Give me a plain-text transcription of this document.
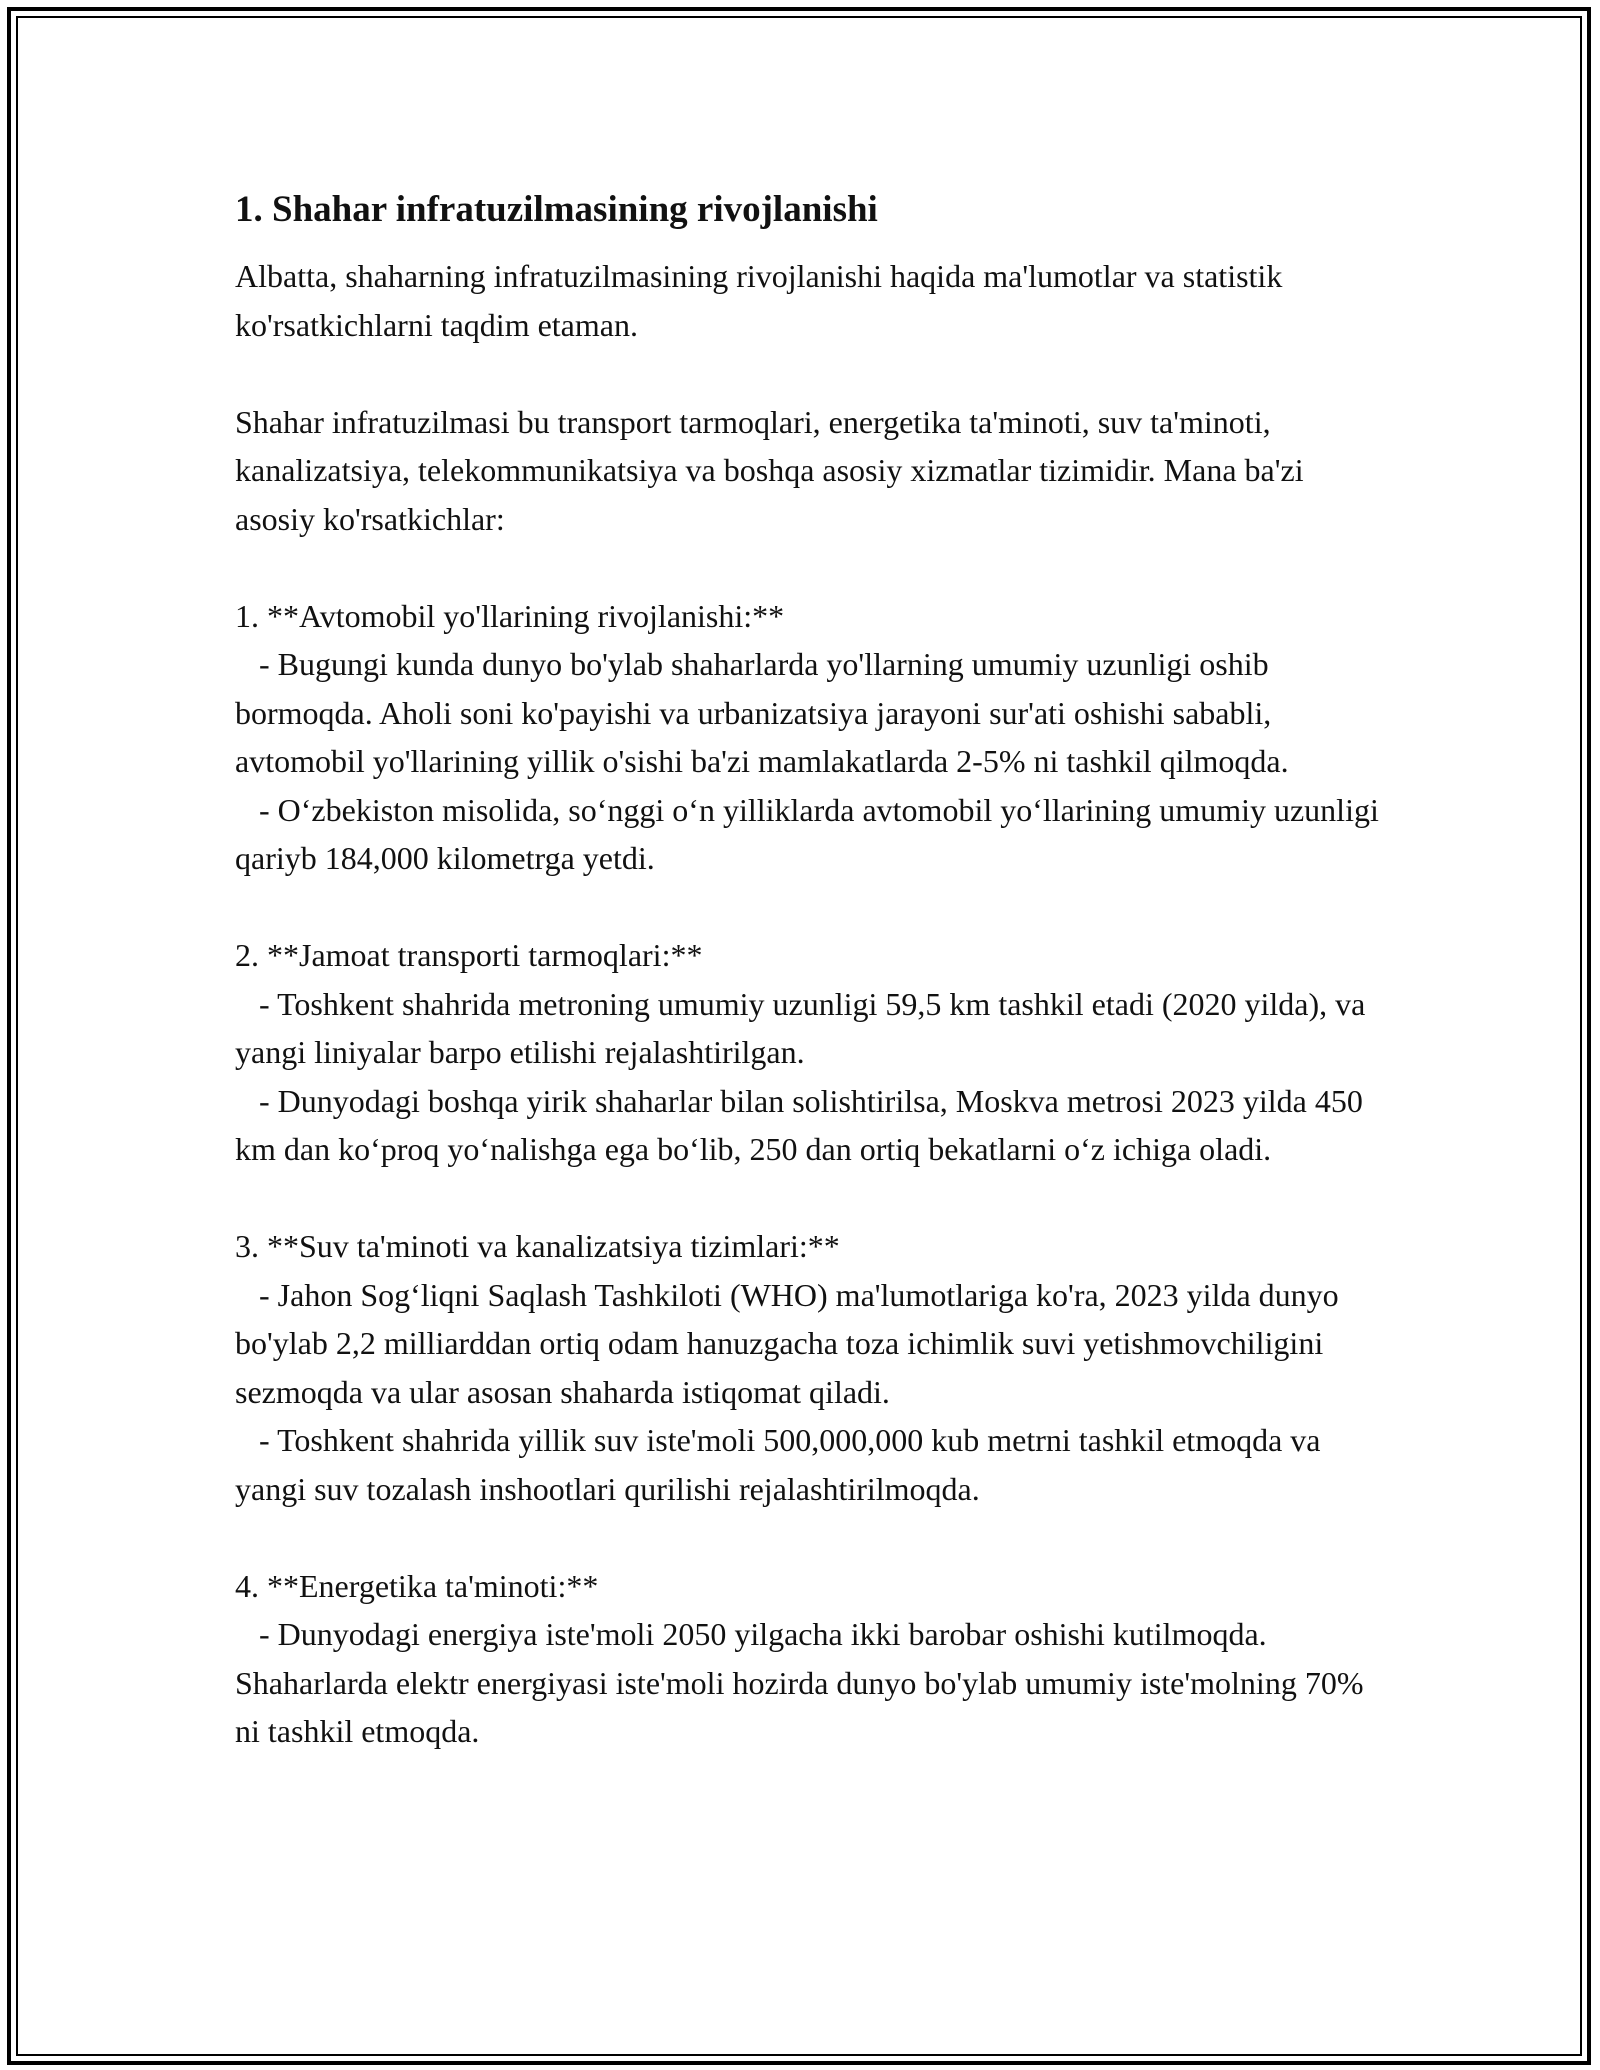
1. Shahar infratuzilmasining rivojlanishi

Albatta, shaharning infratuzilmasining rivojlanishi haqida ma'lumotlar va statistik ko'rsatkichlarni taqdim etaman.

Shahar infratuzilmasi bu transport tarmoqlari, energetika ta'minoti, suv ta'minoti, kanalizatsiya, telekommunikatsiya va boshqa asosiy xizmatlar tizimidir. Mana ba'zi asosiy ko'rsatkichlar:

1. **Avtomobil yo'llarining rivojlanishi:**
- Bugungi kunda dunyo bo'ylab shaharlarda yo'llarning umumiy uzunligi oshib bormoqda. Aholi soni ko'payishi va urbanizatsiya jarayoni sur'ati oshishi sababli, avtomobil yo'llarining yillik o'sishi ba'zi mamlakatlarda 2-5% ni tashkil qilmoqda.
- O‘zbekiston misolida, so‘nggi o‘n yilliklarda avtomobil yo‘llarining umumiy uzunligi qariyb 184,000 kilometrga yetdi.
2. **Jamoat transporti tarmoqlari:**
- Toshkent shahrida metroning umumiy uzunligi 59,5 km tashkil etadi (2020 yilda), va yangi liniyalar barpo etilishi rejalashtirilgan.
- Dunyodagi boshqa yirik shaharlar bilan solishtirilsa, Moskva metrosi 2023 yilda 450 km dan ko‘proq yo‘nalishga ega bo‘lib, 250 dan ortiq bekatlarni o‘z ichiga oladi.
3. **Suv ta'minoti va kanalizatsiya tizimlari:**
- Jahon Sog‘liqni Saqlash Tashkiloti (WHO) ma'lumotlariga ko'ra, 2023 yilda dunyo bo'ylab 2,2 milliarddan ortiq odam hanuzgacha toza ichimlik suvi yetishmovchiligini sezmoqda va ular asosan shaharda istiqomat qiladi.
- Toshkent shahrida yillik suv iste'moli 500,000,000 kub metrni tashkil etmoqda va yangi suv tozalash inshootlari qurilishi rejalashtirilmoqda.
4. **Energetika ta'minoti:**
- Dunyodagi energiya iste'moli 2050 yilgacha ikki barobar oshishi kutilmoqda. Shaharlarda elektr energiyasi iste'moli hozirda dunyo bo'ylab umumiy iste'molning 70% ni tashkil etmoqda.
